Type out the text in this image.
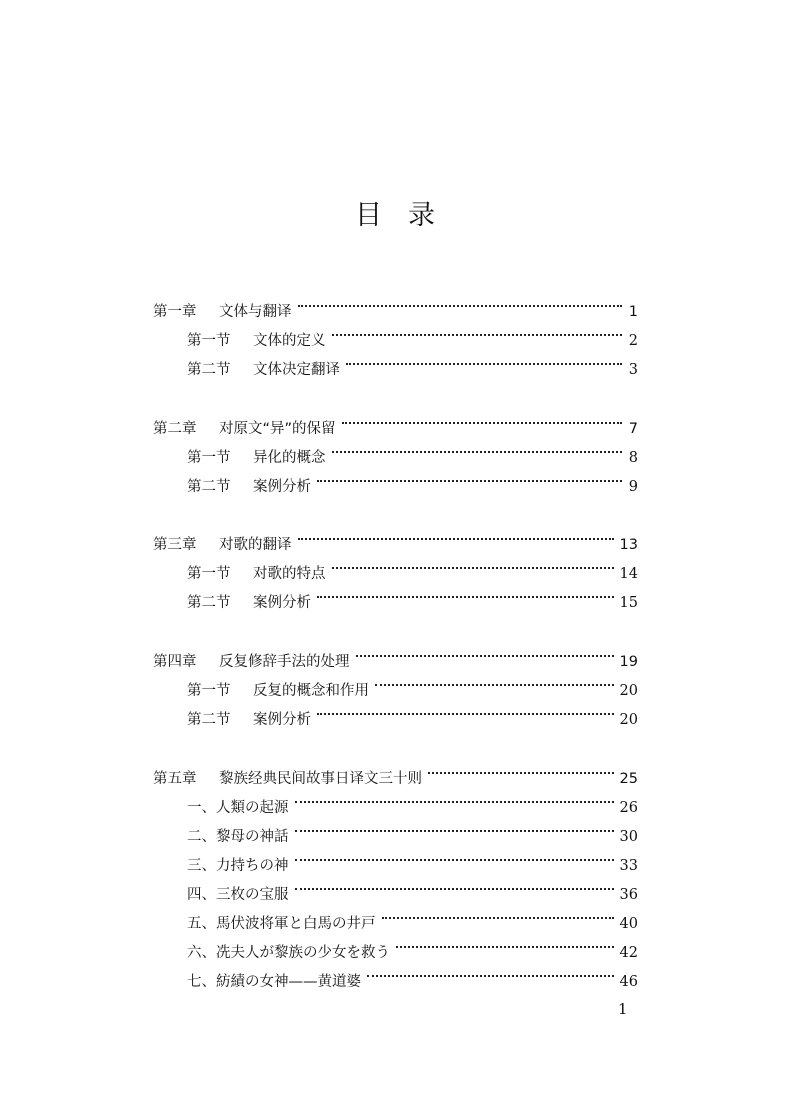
目录
第一章	文体与翻译	1
第一节	文体的定义	2
第二节	文体决定翻译	3
第二章	对原文“异”的保留	7
第一节	异化的概念	8
第二节	案例分析	9
第三章	对歌的翻译	13
第一节	对歌的特点	14
第二节	案例分析	15
第四章	反复修辞手法的处理	19
第一节	反复的概念和作用	20
第二节	案例分析	20
第五章	黎族经典民间故事日译文三十则	25
一、人類の起源	26
二、黎母の神話	30
三、力持ちの神	33
四、三枚の宝服	36
五、馬伏波将軍と白馬の井戸	40
六、冼夫人が黎族の少女を救う	42
七、紡績の女神——黄道婆	46
1
